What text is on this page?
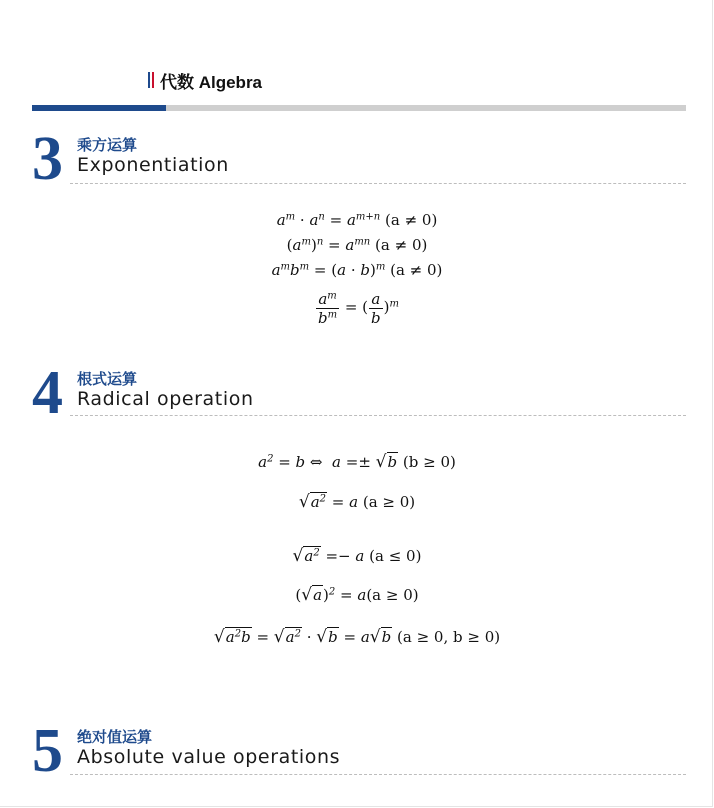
代数 Algebra
3 乘方运算
Exponentiation
$a^m \cdot a^n = a^{m+n}$ (a ≠ 0)
$(a^m)^n = a^{mn}$ (a ≠ 0)
$a^mb^m = (a \cdot b)^m$ (a ≠ 0)
$\frac{a^m}{b^m}$ = ( $\frac{a}{b} )^m$
4 根式运算
Radical operation
$a^2 = b$ ⇔  a =± √b (b ≥ 0)
$√a^2 = a$ (a ≥ 0)
$√a^2 =- a$ (a ≤ 0)
$(√a)^2 = a(a \ge 0)$
$√a^2b = √a^2 \cdot √b = a√b$ (a ≥ 0, b ≥ 0)
5 绝对值运算
Absolute value operations
